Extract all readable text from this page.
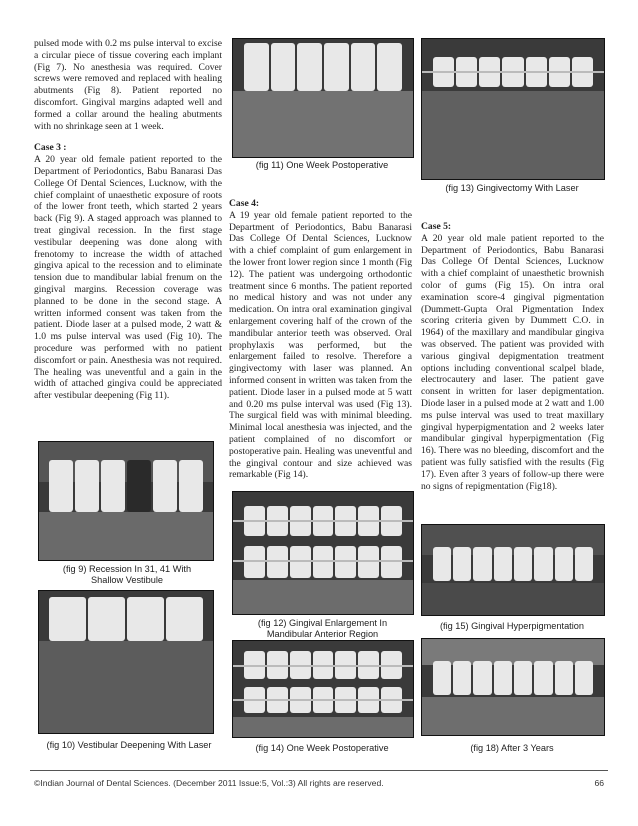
pulsed mode with 0.2 ms pulse interval to excise a circular piece of tissue covering each implant (Fig 7). No anesthesia was required. Cover screws were removed and replaced with healing abutments (Fig 8). Patient reported no discomfort. Gingival margins adapted well and formed a collar around the healing abutments with no shrinkage seen at 1 week.

Case 3 :

A 20 year old female patient reported to the Department of Periodontics, Babu Banarasi Das College Of Dental Sciences, Lucknow, with the chief complaint of unaesthetic exposure of roots of the lower front teeth, which started 2 years back (Fig 9). A staged approach was planned to treat gingival recession. In the first stage vestibular deepening was done along with frenotomy to increase the width of attached gingiva apical to the recession and to eliminate tension due to mandibular labial frenum on the gingival margins. Recession coverage was planned to be done in the second stage. A written informed consent was taken from the patient. Diode laser at a pulsed mode, 2 watt & 1.0 ms pulse interval was used (Fig 10). The procedure was performed with no patient discomfort or pain. Anesthesia was not required. The healing was uneventful and a gain in the width of attached gingiva could be appreciated after vestibular deepening (Fig 11).

Case 4:

A 19 year old female patient reported to the Department of Periodontics, Babu Banarasi Das College Of Dental Sciences, Lucknow with a chief complaint of gum enlargement in the lower front lower region since 1 month (Fig 12). The patient was undergoing orthodontic treatment since 6 months. The patient reported no medical history and was not under any medication. On intra oral examination gingival enlargement covering half of the crown of the mandibular anterior teeth was observed. Oral prophylaxis was performed, but the enlargement failed to resolve. Therefore a gingivectomy with laser was planned. An informed consent in written was taken from the patient. Diode laser in a pulsed mode at 5 watt and 0.20 ms pulse interval was used (Fig 13). The surgical field was with minimal bleeding. Minimal local anesthesia was injected, and the patient complained of no discomfort or postoperative pain. Healing was uneventful and the gingival contour and size achieved was remarkable (Fig 14).

Case 5:

A 20 year old male patient reported to the Department of Periodontics, Babu Banarasi Das College Of Dental Sciences, Lucknow with a chief complaint of unaesthetic brownish color of gums (Fig 15). On intra oral examination score-4 gingival pigmentation (Dummett-Gupta Oral Pigmentation Index scoring criteria given by Dummett C.O. in 1964) of the maxillary and mandibular gingiva was observed. The patient was provided with various gingival depigmentation treatment options including conventional scalpel blade, electrocautery and laser. The patient gave consent in written for laser depigmentation. Diode laser in a pulsed mode at 2 watt and 1.00 ms pulse interval was used to treat maxillary gingival hyperpigmentation and 2 weeks later mandibular gingival hyperpigmentation (Fig 16). There was no bleeding, discomfort and the patient was fully satisfied with the results (Fig 17). Even after 3 years of follow-up there were no signs of repigmentation (Fig18).

(fig 9) Recession In 31, 41 With Shallow Vestibule
(fig 10) Vestibular Deepening With Laser
(fig 11) One Week Postoperative
(fig 12) Gingival Enlargement In Mandibular Anterior Region
(fig 13) Gingivectomy With Laser
(fig 14) One Week Postoperative
(fig 15) Gingival Hyperpigmentation
(fig 18) After 3 Years
©Indian Journal of Dental Sciences. (December 2011 Issue:5, Vol.:3) All rights are reserved.	66
